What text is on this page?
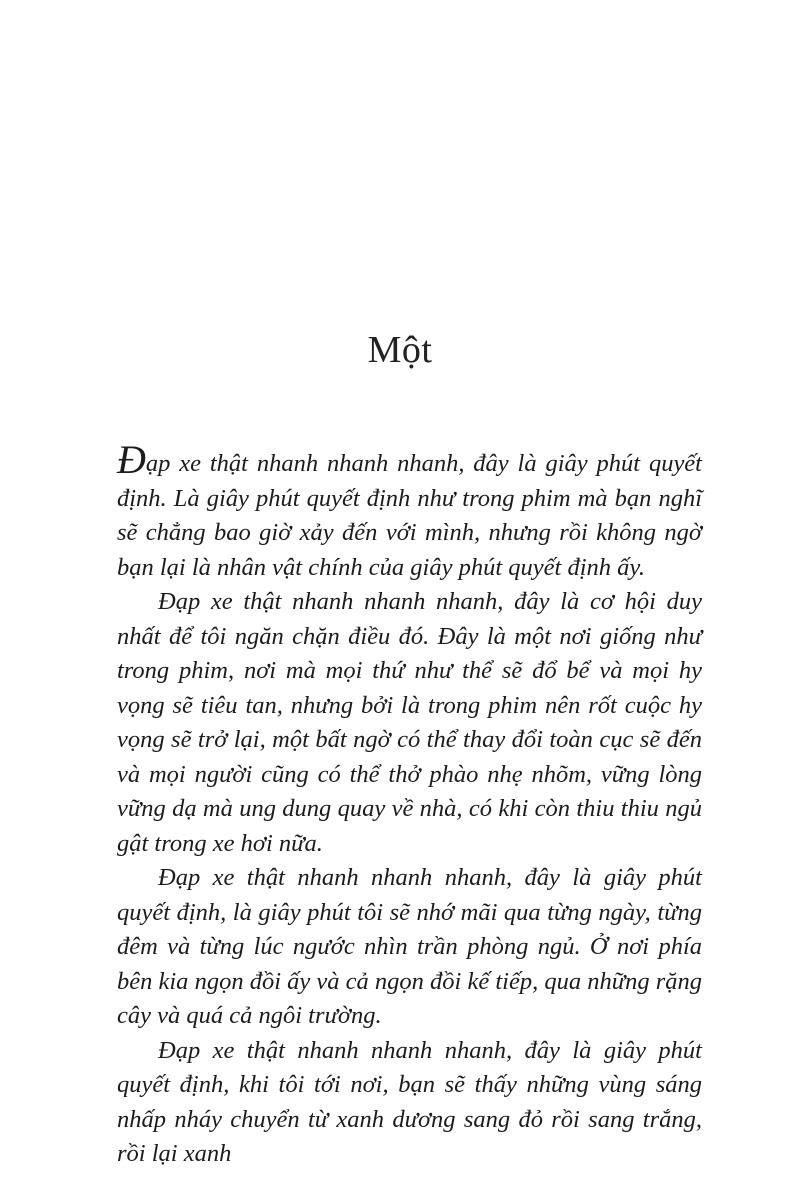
Một

Đạp xe thật nhanh nhanh nhanh, đây là giây phút quyết định. Là giây phút quyết định như trong phim mà bạn nghĩ sẽ chẳng bao giờ xảy đến với mình, nhưng rồi không ngờ bạn lại là nhân vật chính của giây phút quyết định ấy.

Đạp xe thật nhanh nhanh nhanh, đây là cơ hội duy nhất để tôi ngăn chặn điều đó. Đây là một nơi giống như trong phim, nơi mà mọi thứ như thể sẽ đổ bể và mọi hy vọng sẽ tiêu tan, nhưng bởi là trong phim nên rốt cuộc hy vọng sẽ trở lại, một bất ngờ có thể thay đổi toàn cục sẽ đến và mọi người cũng có thể thở phào nhẹ nhõm, vững lòng vững dạ mà ung dung quay về nhà, có khi còn thiu thiu ngủ gật trong xe hơi nữa.

Đạp xe thật nhanh nhanh nhanh, đây là giây phút quyết định, là giây phút tôi sẽ nhớ mãi qua từng ngày, từng đêm và từng lúc ngước nhìn trần phòng ngủ. Ở nơi phía bên kia ngọn đồi ấy và cả ngọn đồi kế tiếp, qua những rặng cây và quá cả ngôi trường.

Đạp xe thật nhanh nhanh nhanh, đây là giây phút quyết định, khi tôi tới nơi, bạn sẽ thấy những vùng sáng nhấp nháy chuyển từ xanh dương sang đỏ rồi sang trắng, rồi lại xanh
